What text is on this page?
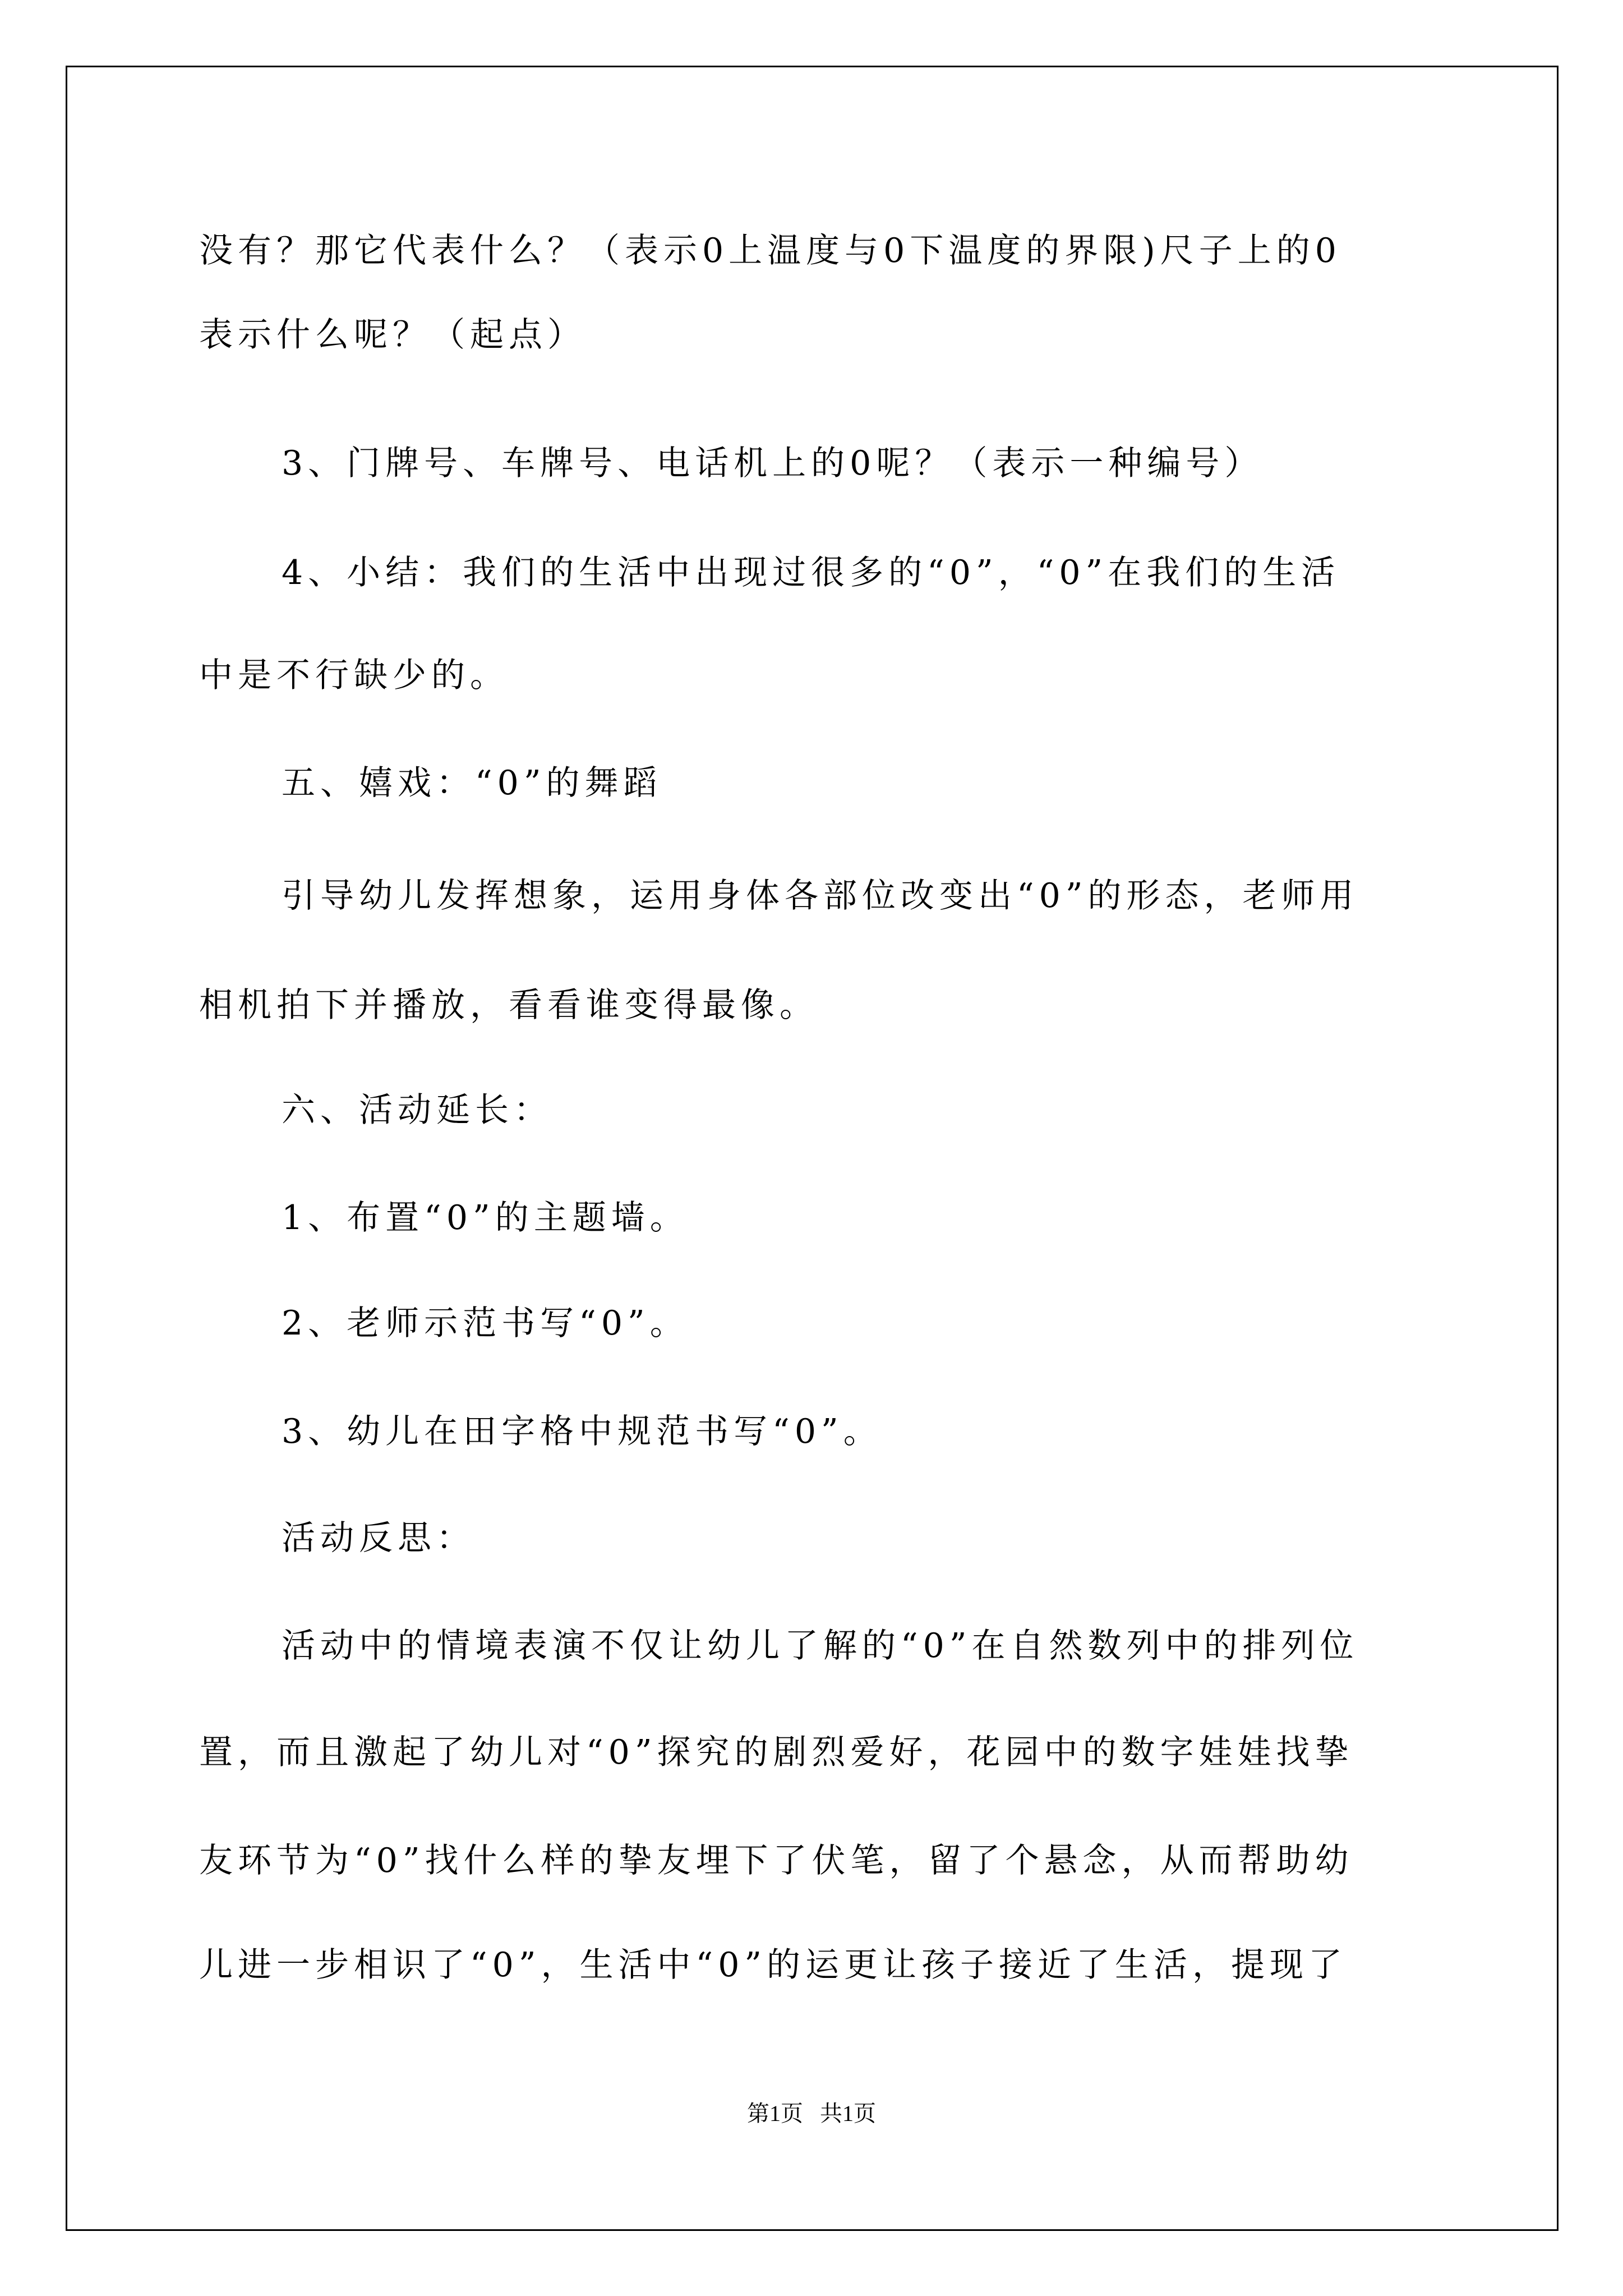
没有？那它代表什么？（表示0上温度与0下温度的界限)尺子上的0
表示什么呢？（起点）
3、门牌号、车牌号、电话机上的0呢？（表示一种编号）
4、小结：我们的生活中出现过很多的“0”，“0”在我们的生活
中是不行缺少的。
五、嬉戏：“0”的舞蹈
引导幼儿发挥想象，运用身体各部位改变出“0”的形态，老师用
相机拍下并播放，看看谁变得最像。
六、活动延长：
1、布置“0”的主题墙。
2、老师示范书写“0”。
3、幼儿在田字格中规范书写“0”。
活动反思：
活动中的情境表演不仅让幼儿了解的“0”在自然数列中的排列位
置，而且激起了幼儿对“0”探究的剧烈爱好，花园中的数字娃娃找挚
友环节为“0”找什么样的挚友埋下了伏笔，留了个悬念，从而帮助幼
儿进一步相识了“0”，生活中“0”的运更让孩子接近了生活，提现了
第1页   共1页
